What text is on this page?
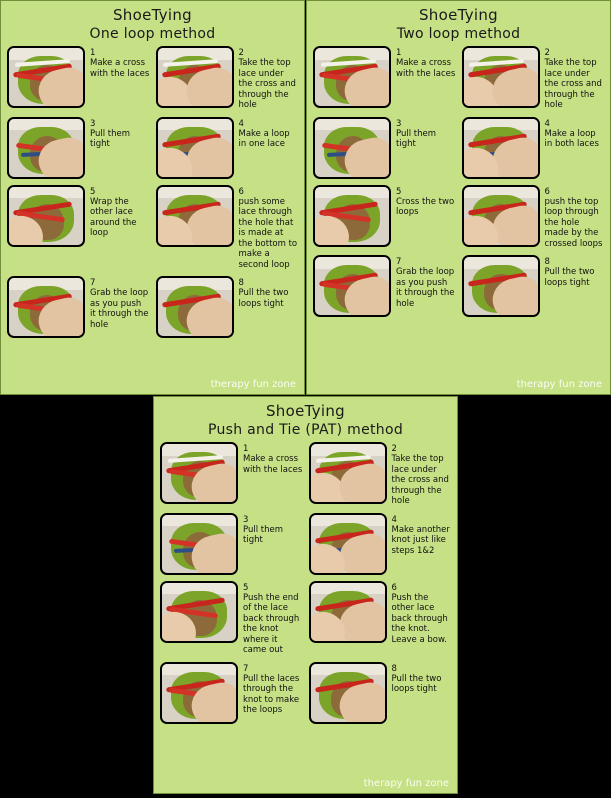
ShoeTying
One loop method
1
Make a cross with the laces
2
Take the top lace under the cross and through the hole
3
Pull them tight
4
Make a loop in one lace
5
Wrap the other lace around the loop
6
push some lace through the hole that is made at the bottom to make a second loop
7
Grab the loop as you push it through the hole
8
Pull the two loops tight
therapy fun zone
ShoeTying
Two loop method
1
Make a cross with the laces
2
Take the top lace under the cross and through the hole
3
Pull them tight
4
Make a loop in both laces
5
Cross the two loops
6
push the top loop through the hole made by the crossed loops
7
Grab the loop as you push it through the hole
8
Pull the two loops tight
therapy fun zone
ShoeTying
Push and Tie (PAT) method
1
Make a cross with the laces
2
Take the top lace under the cross and through the hole
3
Pull them tight
4
Make another knot just like steps 1&2
5
Push the end of the lace back through the knot where it came out
6
Push the other lace back through the knot. Leave a bow.
7
Pull the laces through the knot to make the loops
8
Pull the two loops tight
therapy fun zone
